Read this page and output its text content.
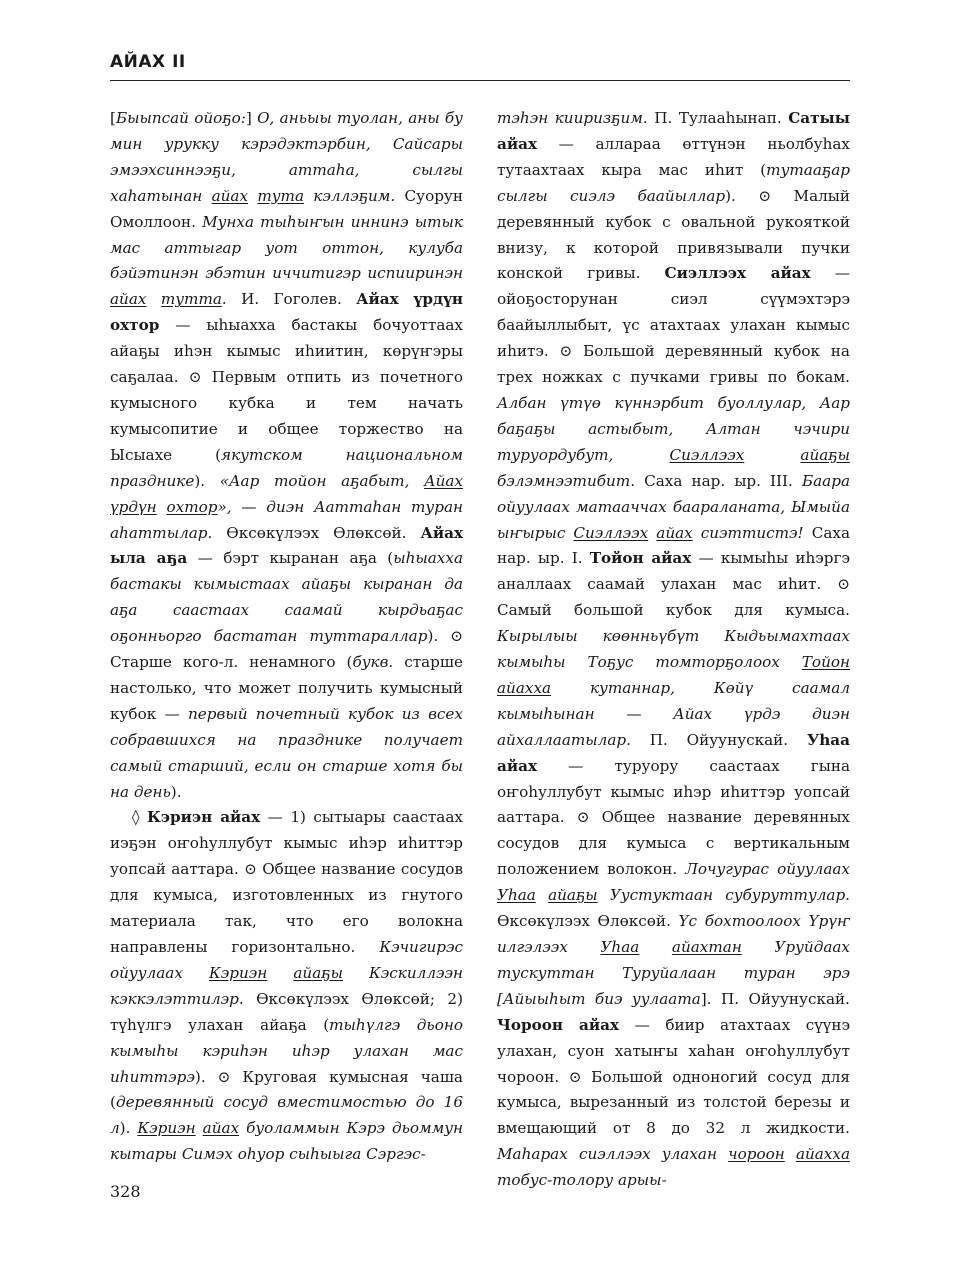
АЙАХ II

[Быыпсай ойоҕо:] О, аньыы туолан, аны бу мин урукку кэрэдэктэрбин, Сайсары эмээхсиннээҕи, аттаһа, сылгы хаһатынан айах тута кэллэҕим. Суорун Омоллоон. Мунха тыһыҥын иннинэ ытык мас аттыгар уот оттон, кулуба бэйэтинэн эбэтин иччитигэр испииринэн айах тутта. И. Гоголев. Айах үрдүн охтор — ыһыахха бастакы бочуоттаах айаҕы иһэн кымыс иһиитин, көрүҥэры саҕалаа. ⊙ Первым отпить из почетного кумысного кубка и тем начать кумысопитие и общее торжество на Ысыахе (якутском национальном празднике). «Аар тойон аҕабыт, Айах үрдүн охтор», — диэн Ааттаһан туран аһаттылар. Өксөкүлээх Өлөксөй. Айах ыла аҕа — бэрт кыранан аҕа (ыһыахха бастакы кымыстаах айаҕы кыранан да аҕа саастаах саамай кырдьаҕас оҕонньорго бастатан туттараллар). ⊙ Старше кого-л. ненамного (букв. старше настолько, что может получить кумысный кубок — первый почетный кубок из всех собравшихся на празднике получает самый старший, если он старше хотя бы на день).

◊ Кэриэн айах — 1) сытыары саастаах иэҕэн оҥоһуллубут кымыс иһэр иһиттэр уопсай ааттара. ⊙ Общее название сосудов для кумыса, изготовленных из гнутого материала так, что его волокна направлены горизонтально. Кэчигирэс ойуулаах Кэриэн айаҕы Кэскиллээн кэккэлэттилэр. Өксөкүлээх Өлөксөй; 2) түһүлгэ улахан айаҕа (тыһүлгэ дьоно кымыһы кэриһэн иһэр улахан мас иһиттэрэ). ⊙ Круговая кумысная чаша (деревянный сосуд вместимостью до 16 л). Кэриэн айах буоламмын Кэрэ дьоммун кытары Симэх оһуор сыһыыга Сэргэс-

тэһэн кииризҕим. П. Тулааһынап. Сатыы айах — аллараа өттүнэн ньолбуһах тутаахтаах кыра мас иһит (тутааҕар сылгы сиэлэ баайыллар). ⊙ Малый деревянный кубок с овальной рукояткой внизу, к которой привязывали пучки конской гривы. Сиэллээх айах — ойоҕосторунан сиэл сүүмэхтэрэ баайыллыбыт, үс атахтаах улахан кымыс иһитэ. ⊙ Большой деревянный кубок на трех ножках с пучками гривы по бокам. Албан үтүө күннэрбит буоллулар, Аар баҕаҕы астыбыт, Алтан чэчири туруордубут, Сиэллээх	айаҕы бэлэмнээтибит. Саха нар. ыр. III. Баара ойуулаах матааччах баараланата, Ымыйа ыҥырыс Сиэллээх айах сиэттистэ! Саха нар. ыр. I. Тойон айах — кымыһы иһэргэ аналлаах саамай улахан мас иһит. ⊙ Самый большой кубок для кумыса. Кырылыы көөнньүбүт Кыдьымахтаах кымыһы Тоҕус томторҕолоох Тойон айахха кутаннар, Көйү саамал кымыһынан — Айах үрдэ диэн айхаллаатылар. П. Ойуунускай. Уһаа айах — туруору саастаах гына оҥоһуллубут кымыс иһэр иһиттэр уопсай ааттара. ⊙ Общее название деревянных сосудов для кумыса с вертикальным положением волокон. Лочугурас ойуулаах Уһаа айаҕы Уустуктаан субуруттулар. Өксөкүлээх Өлөксөй. Үс бохтоолоох Үрүҥ илгэлээх Уһаа айахтан Уруйдаах тускуттан Туруйалаан туран эрэ [Айыыһыт биэ уулаата]. П. Ойуунускай. Чороон айах — биир атахтаах сүүнэ улахан, суон хатыҥы хаһан оҥоһуллубут чороон. ⊙ Большой одноногий сосуд для кумыса, вырезанный из толстой березы и вмещающий от 8 до 32 л жидкости. Маһарах сиэллээх улахан чороон айахха тобус-толору арыы-

328
